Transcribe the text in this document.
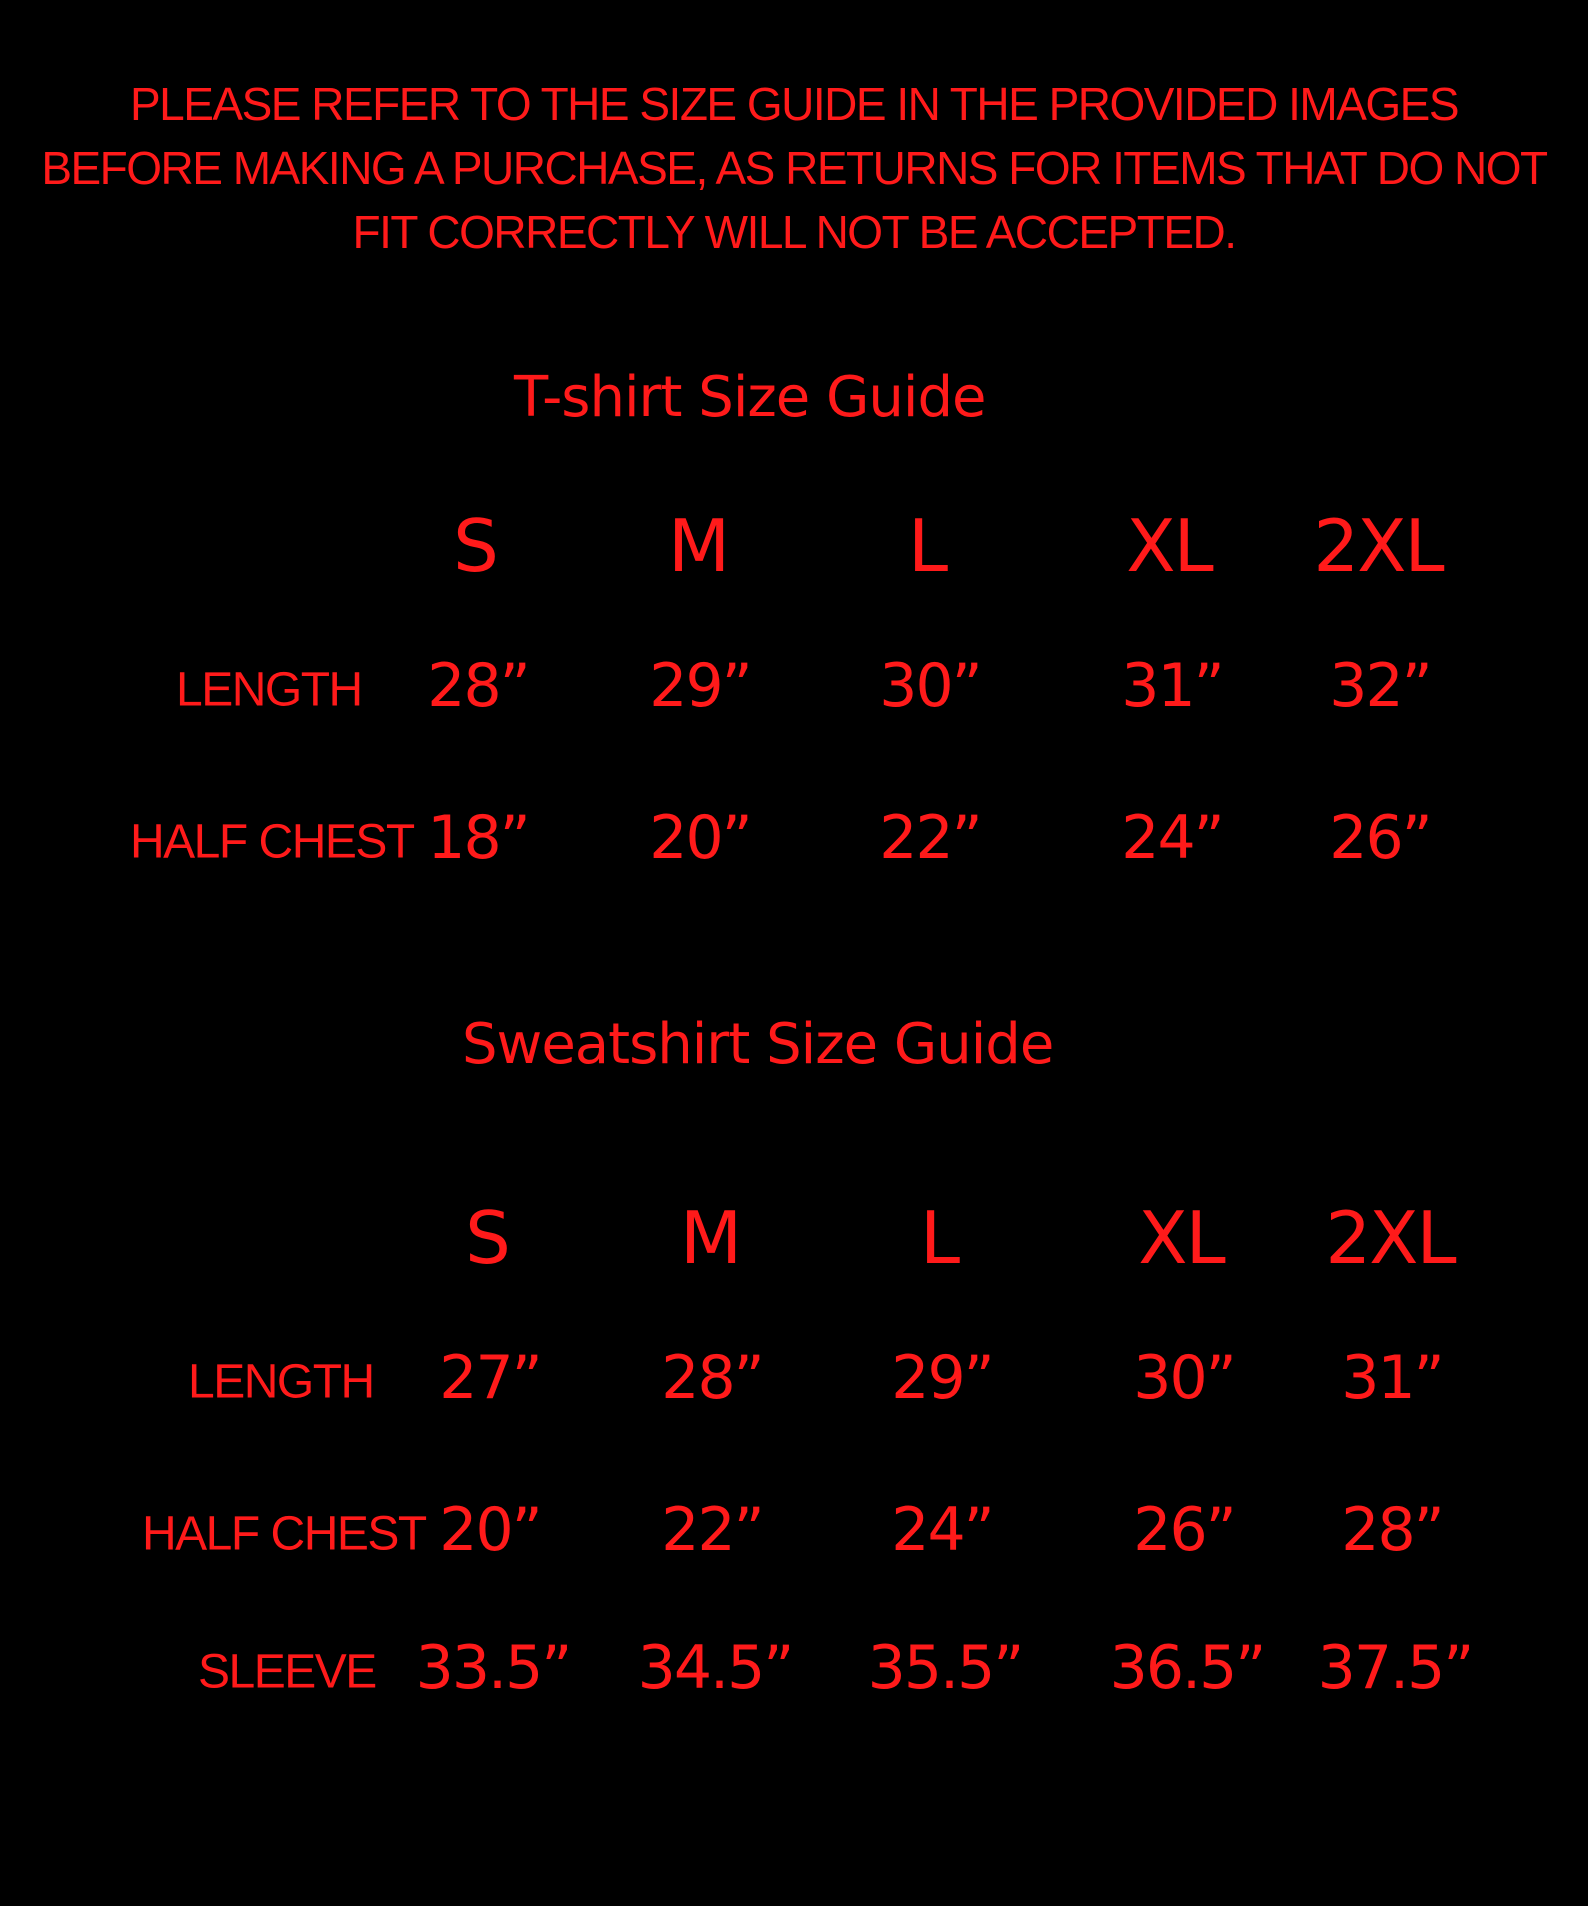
PLEASE REFER TO THE SIZE GUIDE IN THE PROVIDED IMAGES BEFORE MAKING A PURCHASE, AS RETURNS FOR ITEMS THAT DO NOT FIT CORRECTLY WILL NOT BE ACCEPTED.
T-shirt Size Guide
S M L	XL 2XL
LENGTH 28” 29” 30” 31” 32”
HALF CHEST 18” 20” 22” 24” 26”
Sweatshirt Size Guide
S M L	XL 2XL
LENGTH 27” 28” 29” 30” 31”
HALF CHEST 20” 22” 24” 26” 28”
SLEEVE 33.5” 34.5” 35.5” 36.5” 37.5”
